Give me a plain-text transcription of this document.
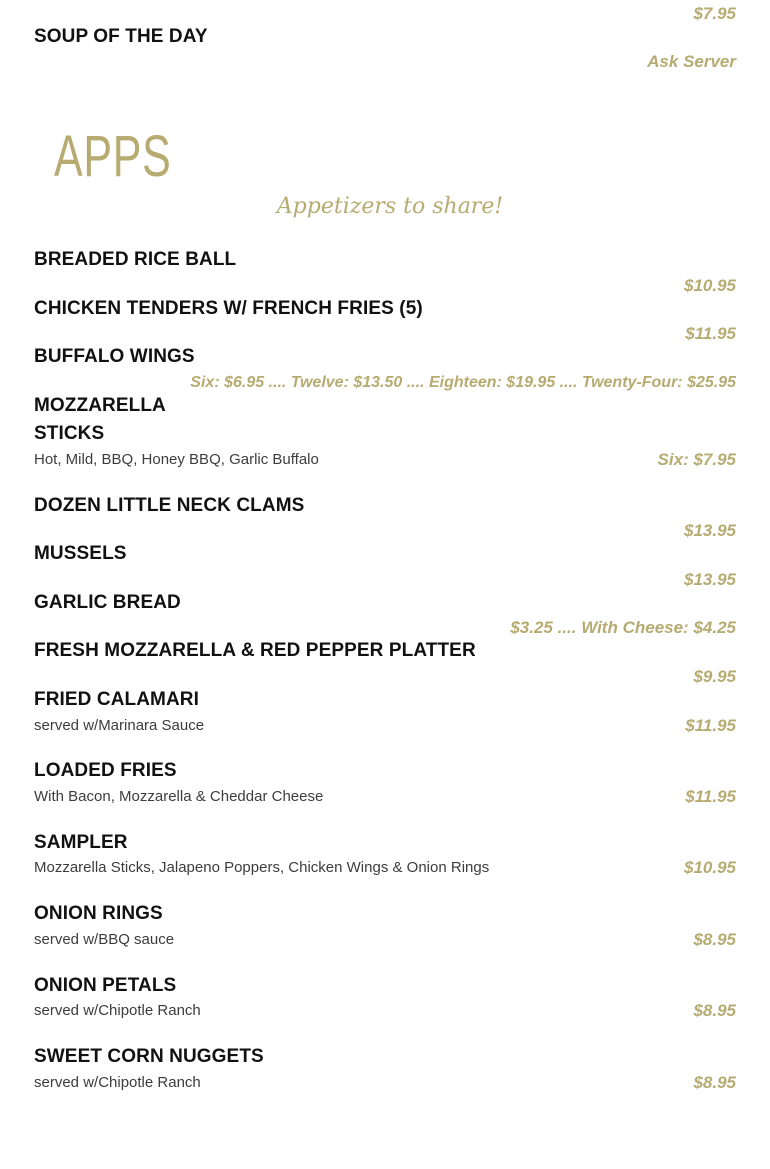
$7.95
SOUP OF THE DAY
Ask Server
APPS
Appetizers to share!
BREADED RICE BALL
$10.95
CHICKEN TENDERS W/ FRENCH FRIES (5)
$11.95
BUFFALO WINGS
Six: $6.95 .... Twelve: $13.50 .... Eighteen: $19.95 .... Twenty-Four: $25.95
MOZZARELLA
STICKS
Hot, Mild, BBQ, Honey BBQ, Garlic Buffalo	Six: $7.95
DOZEN LITTLE NECK CLAMS
$13.95
MUSSELS
$13.95
GARLIC BREAD
$3.25 .... With Cheese: $4.25
FRESH MOZZARELLA & RED PEPPER PLATTER
$9.95
FRIED CALAMARI
served w/Marinara Sauce	$11.95
LOADED FRIES
With Bacon, Mozzarella & Cheddar Cheese	$11.95
SAMPLER
Mozzarella Sticks, Jalapeno Poppers, Chicken Wings & Onion Rings	$10.95
ONION RINGS
served w/BBQ sauce	$8.95
ONION PETALS
served w/Chipotle Ranch	$8.95
SWEET CORN NUGGETS
served w/Chipotle Ranch	$8.95
